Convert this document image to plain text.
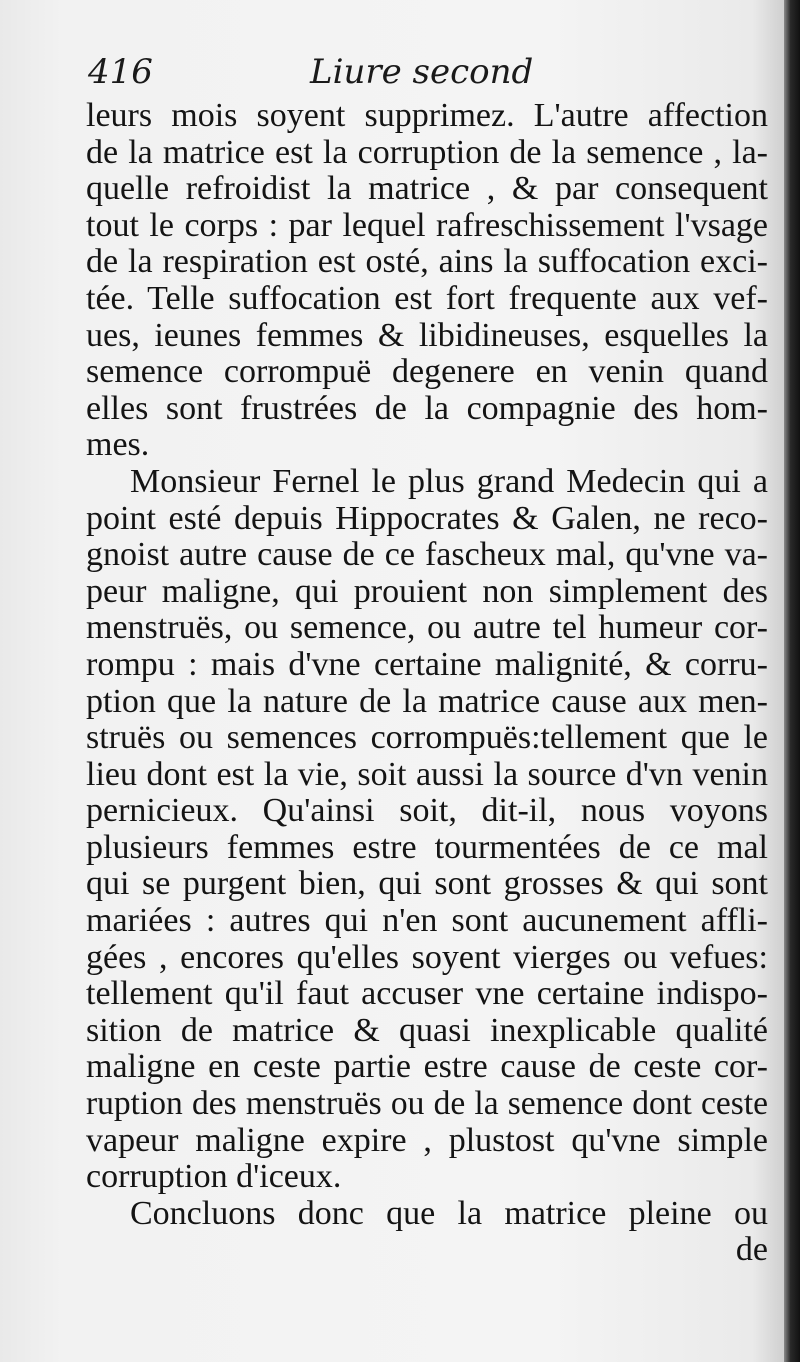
416	Liure second
leurs mois soyent supprimez. L'autre affection
de la matrice est la corruption de la semence , la-
quelle refroidist la matrice , & par consequent
tout le corps : par lequel rafreschissement l'vsage
de la respiration est osté, ains la suffocation exci-
tée. Telle suffocation est fort frequente aux vef-
ues, ieunes femmes & libidineuses, esquelles la
semence corrompuë degenere en venin quand
elles sont frustrées de la compagnie des hom-
mes.
Monsieur Fernel le plus grand Medecin qui a
point esté depuis Hippocrates & Galen, ne reco-
gnoist autre cause de ce fascheux mal, qu'vne va-
peur maligne, qui prouient non simplement des
menstruës, ou semence, ou autre tel humeur cor-
rompu : mais d'vne certaine malignité, & corru-
ption que la nature de la matrice cause aux men-
struës ou semences corrompuës:tellement que le
lieu dont est la vie, soit aussi la source d'vn venin
pernicieux. Qu'ainsi soit, dit-il, nous voyons
plusieurs femmes estre tourmentées de ce mal
qui se purgent bien, qui sont grosses & qui sont
mariées : autres qui n'en sont aucunement affli-
gées , encores qu'elles soyent vierges ou vefues:
tellement qu'il faut accuser vne certaine indispo-
sition de matrice & quasi inexplicable qualité
maligne en ceste partie estre cause de ceste cor-
ruption des menstruës ou de la semence dont ceste
vapeur maligne expire , plustost qu'vne simple
corruption d'iceux.
Concluons donc que la matrice pleine ou
de
